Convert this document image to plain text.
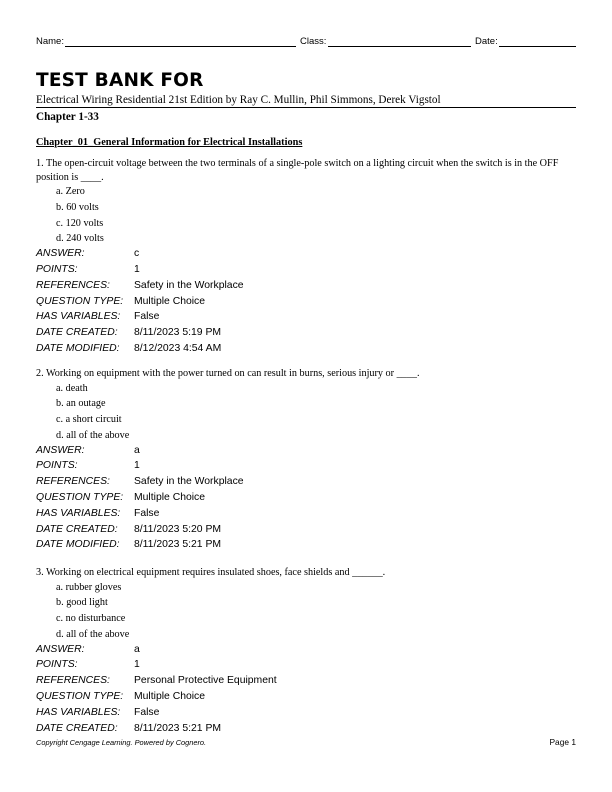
Name:	Class:	Date:
TEST BANK FOR
Electrical Wiring Residential 21st Edition by Ray C. Mullin, Phil Simmons, Derek Vigstol
Chapter 1-33
Chapter_01_General Information for Electrical Installations
1. The open-circuit voltage between the two terminals of a single-pole switch on a lighting circuit when the switch is in the OFF position is ____.
a. Zero
b. 60 volts
c. 120 volts
d. 240 volts
ANSWER:	c
POINTS:	1
REFERENCES: Safety in the Workplace
QUESTION TYPE: Multiple Choice
HAS VARIABLES: False
DATE CREATED: 8/11/2023 5:19 PM
DATE MODIFIED: 8/12/2023 4:54 AM
2. Working on equipment with the power turned on can result in burns, serious injury or ____.
a. death
b. an outage
c. a short circuit
d. all of the above
ANSWER:	a
POINTS:	1
REFERENCES: Safety in the Workplace
QUESTION TYPE: Multiple Choice
HAS VARIABLES: False
DATE CREATED: 8/11/2023 5:20 PM
DATE MODIFIED: 8/11/2023 5:21 PM
3. Working on electrical equipment requires insulated shoes, face shields and ______.
a. rubber gloves
b. good light
c. no disturbance
d. all of the above
ANSWER:	a
POINTS:	1
REFERENCES: Personal Protective Equipment
QUESTION TYPE: Multiple Choice
HAS VARIABLES: False
DATE CREATED: 8/11/2023 5:21 PM
Copyright Cengage Learning. Powered by Cognero.	Page 1
